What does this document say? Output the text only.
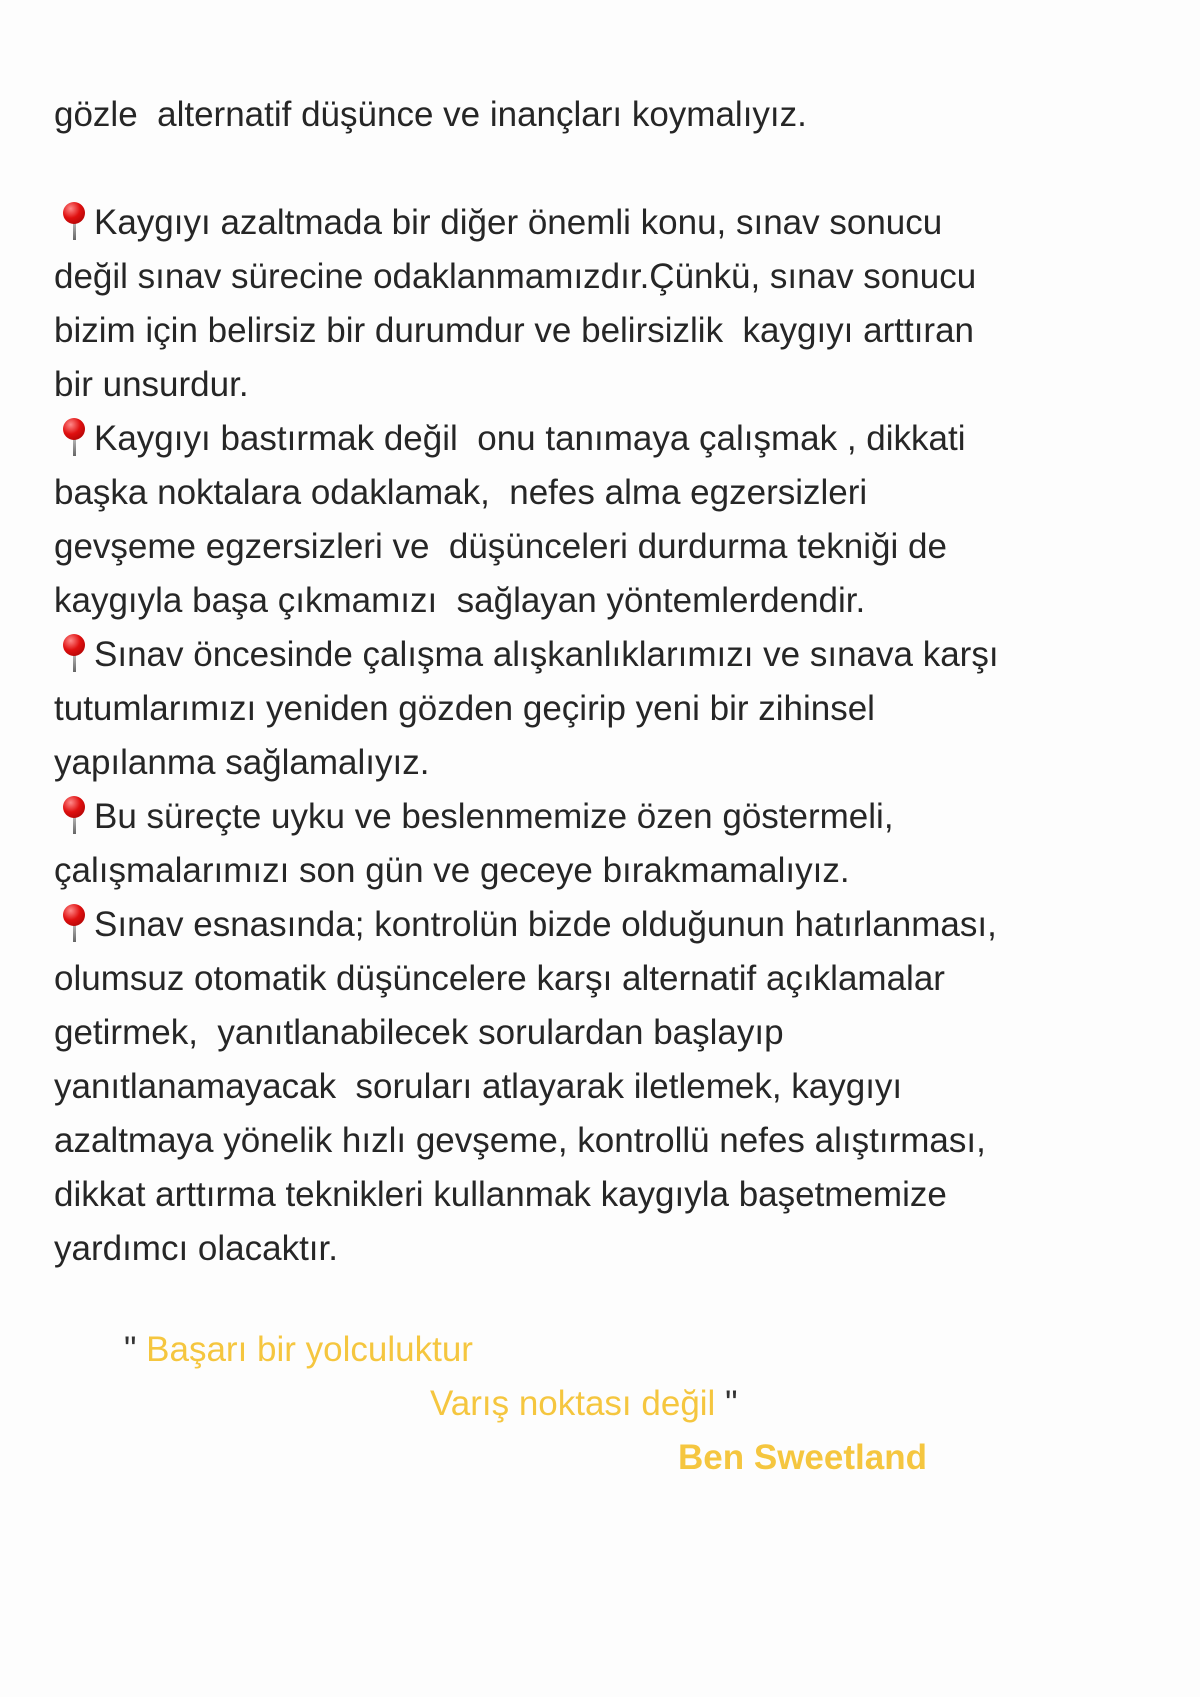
gözle  alternatif düşünce ve inançları koymalıyız.
Kaygıyı azaltmada bir diğer önemli konu, sınav sonucu
değil sınav sürecine odaklanmamızdır.Çünkü, sınav sonucu
bizim için belirsiz bir durumdur ve belirsizlik  kaygıyı arttıran
bir unsurdur.
Kaygıyı bastırmak değil  onu tanımaya çalışmak , dikkati
başka noktalara odaklamak,  nefes alma egzersizleri
gevşeme egzersizleri ve  düşünceleri durdurma tekniği de
kaygıyla başa çıkmamızı  sağlayan yöntemlerdendir.
Sınav öncesinde çalışma alışkanlıklarımızı ve sınava karşı
tutumlarımızı yeniden gözden geçirip yeni bir zihinsel
yapılanma sağlamalıyız.
Bu süreçte uyku ve beslenmemize özen göstermeli,
çalışmalarımızı son gün ve geceye bırakmamalıyız.
Sınav esnasında; kontrolün bizde olduğunun hatırlanması,
olumsuz otomatik düşüncelere karşı alternatif açıklamalar
getirmek,  yanıtlanabilecek sorulardan başlayıp
yanıtlanamayacak  soruları atlayarak iletlemek, kaygıyı
azaltmaya yönelik hızlı gevşeme, kontrollü nefes alıştırması,
dikkat arttırma teknikleri kullanmak kaygıyla başetmemize
yardımcı olacaktır.
" Başarı bir yolculuktur
Varış noktası değil "
Ben Sweetland
